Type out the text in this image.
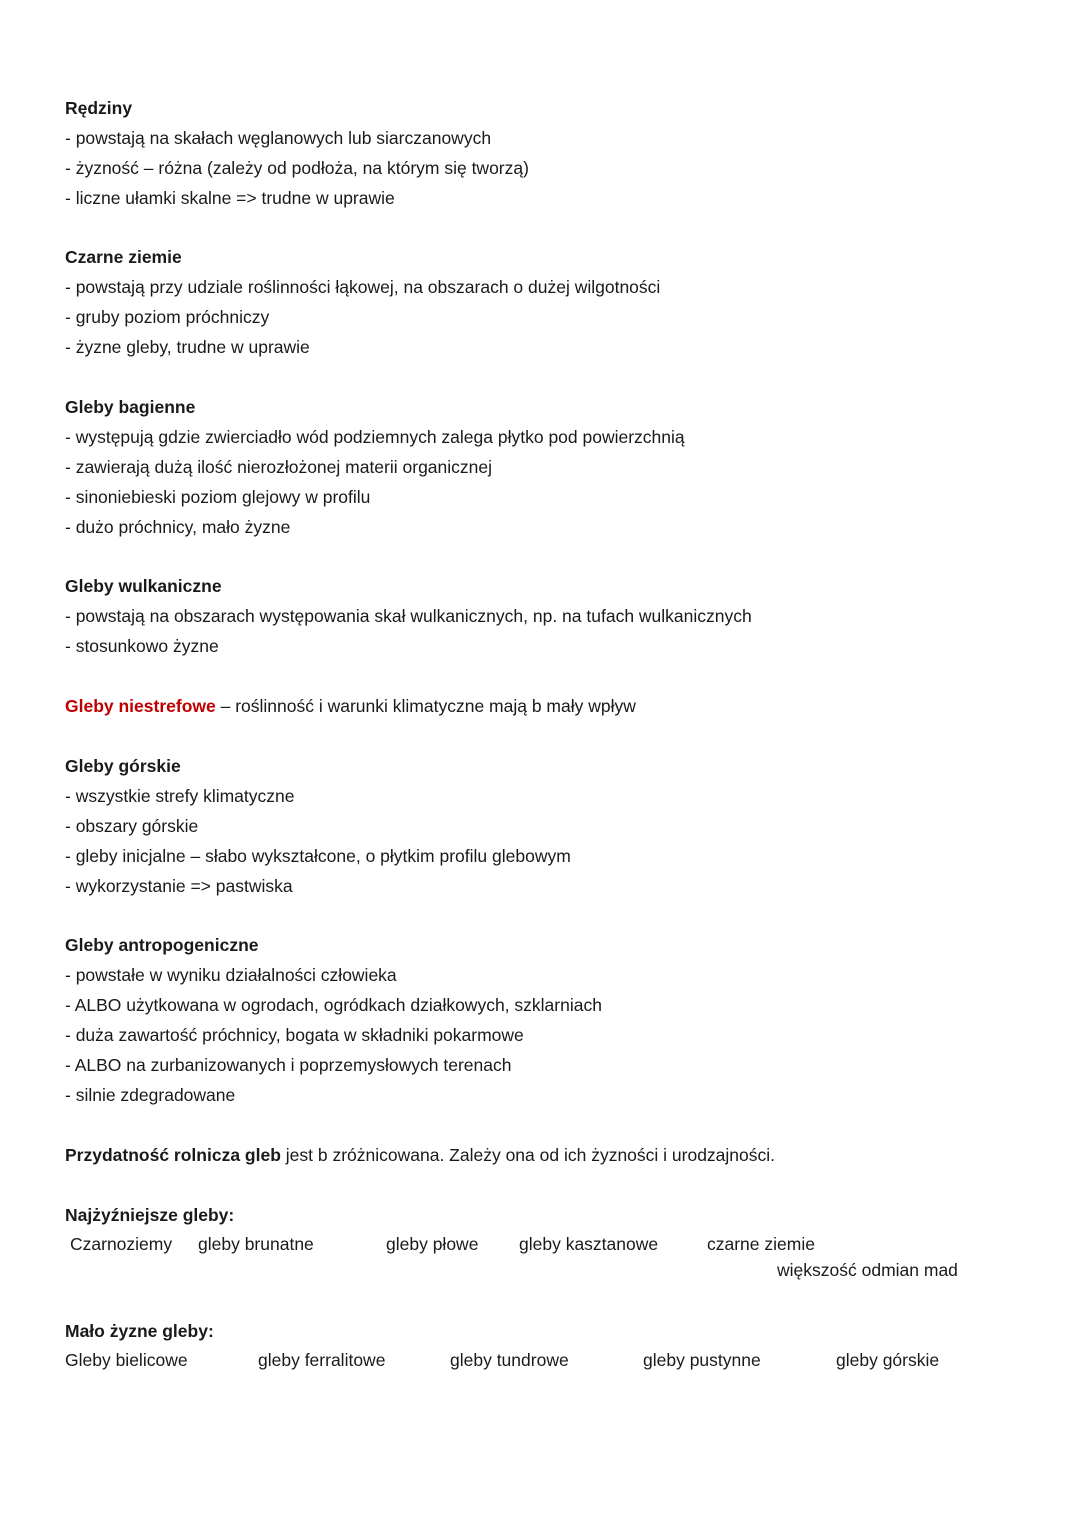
Rędziny
- powstają na skałach węglanowych lub siarczanowych
- żyzność – różna (zależy od podłoża, na którym się tworzą)
- liczne ułamki skalne => trudne w uprawie
Czarne ziemie
- powstają przy udziale roślinności łąkowej, na obszarach o dużej wilgotności
- gruby poziom próchniczy
- żyzne gleby, trudne w uprawie
Gleby bagienne
- występują gdzie zwierciadło wód podziemnych zalega płytko pod powierzchnią
- zawierają dużą ilość nierozłożonej materii organicznej
- sinoniebieski poziom glejowy w profilu
- dużo próchnicy, mało żyzne
Gleby wulkaniczne
- powstają na obszarach występowania skał wulkanicznych, np. na tufach wulkanicznych
- stosunkowo żyzne
Gleby niestrefowe – roślinność i warunki klimatyczne mają b mały wpływ
Gleby górskie
- wszystkie strefy klimatyczne
- obszary górskie
- gleby inicjalne – słabo wykształcone, o płytkim profilu glebowym
- wykorzystanie => pastwiska
Gleby antropogeniczne
- powstałe w wyniku działalności człowieka
- ALBO użytkowana w ogrodach, ogródkach działkowych, szklarniach
- duża zawartość próchnicy, bogata w składniki pokarmowe
- ALBO na zurbanizowanych i poprzemysłowych terenach
- silnie zdegradowane
Przydatność rolnicza gleb jest b zróżnicowana. Zależy ona od ich żyzności i urodzajności.
Najżyźniejsze gleby:
Czarnoziemy gleby brunatne	gleby płowe gleby kasztanowe	czarne ziemie
większość odmian mad
Mało żyzne gleby:
Gleby bielicowe	gleby ferralitowe	gleby tundrowe	gleby pustynne	gleby górskie
